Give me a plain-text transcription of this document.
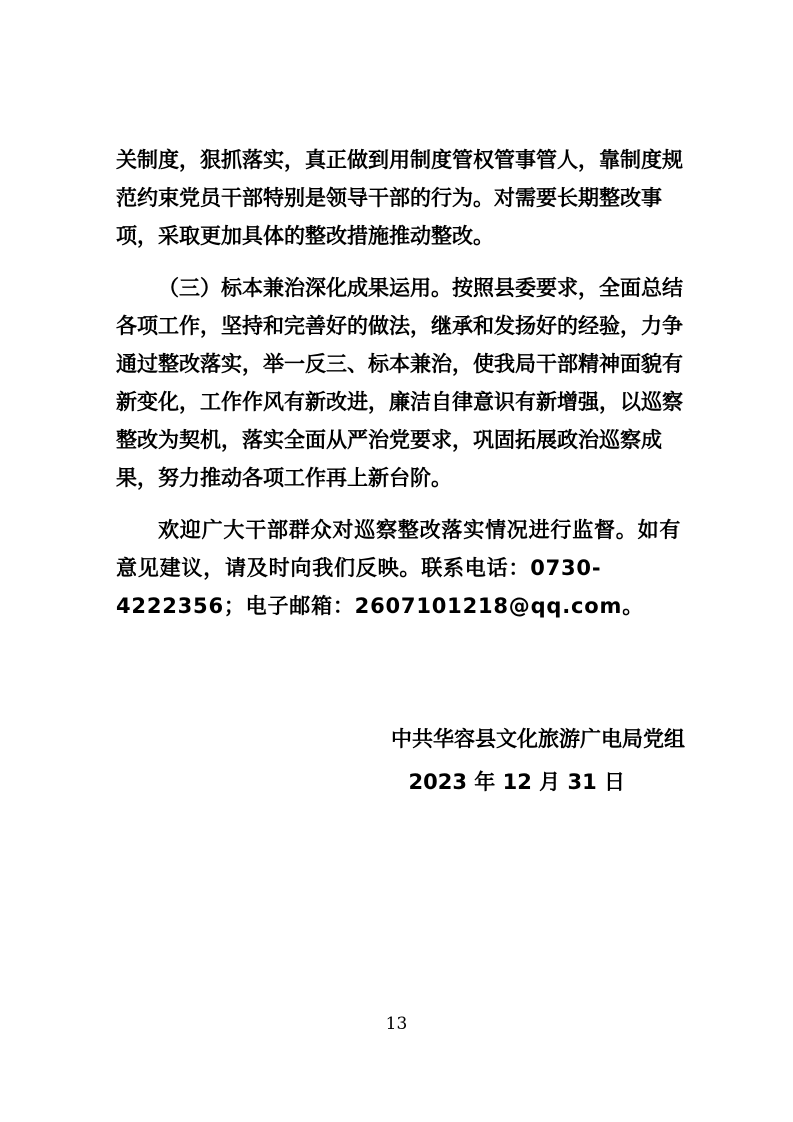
关制度，狠抓落实，真正做到用制度管权管事管人，靠制度规范约束党员干部特别是领导干部的行为。对需要长期整改事项，采取更加具体的整改措施推动整改。

（三）标本兼治深化成果运用。按照县委要求，全面总结各项工作，坚持和完善好的做法，继承和发扬好的经验，力争通过整改落实，举一反三、标本兼治，使我局干部精神面貌有新变化，工作作风有新改进，廉洁自律意识有新增强，以巡察整改为契机，落实全面从严治党要求，巩固拓展政治巡察成果，努力推动各项工作再上新台阶。

欢迎广大干部群众对巡察整改落实情况进行监督。如有意见建议，请及时向我们反映。联系电话：0730-4222356；电子邮箱：2607101218@qq.com。

中共华容县文化旅游广电局党组

2023 年 12 月 31 日

13
